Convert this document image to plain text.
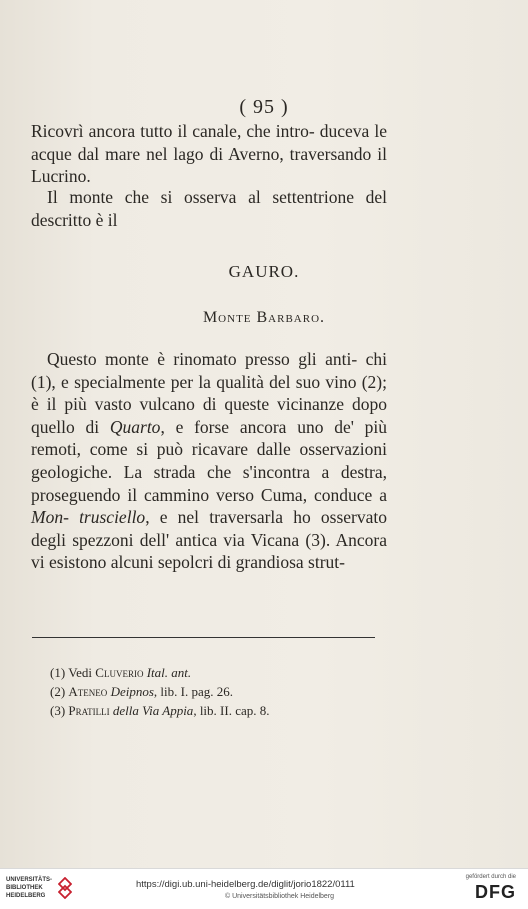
( 95 )

Ricovrì ancora tutto il canale, che intro- duceva le acque dal mare nel lago di Averno, traversando il Lucrino.

Il monte che si osserva al settentrione del descritto è il

GAURO.
Monte Barbaro.

Questo monte è rinomato presso gli anti- chi (1), e specialmente per la qualità del suo vino (2); è il più vasto vulcano di queste vicinanze dopo quello di Quarto, e forse ancora uno de' più remoti, come si può ricavare dalle osservazioni geologiche. La strada che s'incontra a destra, proseguendo il cammino verso Cuma, conduce a Mon- trusciello, e nel traversarla ho osservato degli spezzoni dell' antica via Vicana (3). Ancora vi esistono alcuni sepolcri di grandiosa strut-

(1) Vedi Cluverio Ital. ant.
(2) Ateneo Deipnos, lib. I. pag. 26.
(3) Pratilli della Via Appia, lib. II. cap. 8.
UNIVERSITÄTS- BIBLIOTHEK HEIDELBERG
https://digi.ub.uni-heidelberg.de/diglit/jorio1822/0111
© Universitätsbibliothek Heidelberg
gefördert durch die
DFG
